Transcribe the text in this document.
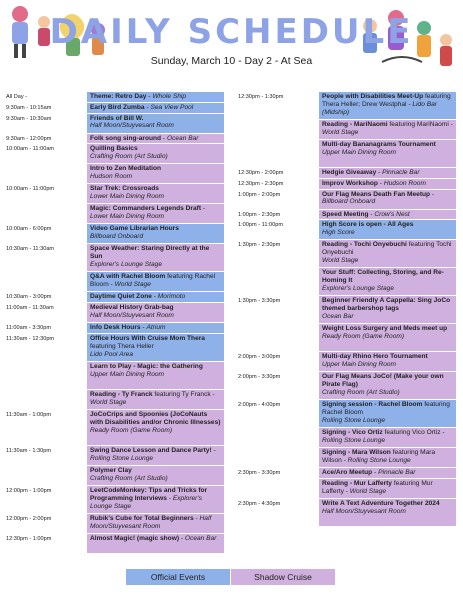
DAILY SCHEDULE
Sunday, March 10 - Day 2 - At Sea
All Day -	Theme: Retro Day - Whole Ship
9:30am - 10:15am	Early Bird Zumba - Sea View Pool
9:30am - 10:30am	Friends of Bill W.
Half Moon/Stuyvesant Room
9:30am - 12:00pm	Folk song sing-around - Ocean Bar
10:00am - 11:00am	Quilling Basics
Crafting Room (Art Studio)
Intro to Zen Meditation
Hudson Room
10:00am - 11:00pm	Star Trek: Crossroads
Lower Main Dining Room
Magic: Commanders Legends Draft - Lower Main Dining Room
10:00am - 6:00pm	Video Game Librarian Hours
Billboard Onboard
10:30am - 11:30am	Space Weather: Staring Directly at the Sun
Explorer's Lounge Stage
Q&A with Rachel Bloom featuring Rachel Bloom - World Stage
10:30am - 3:00pm	Daytime Quiet Zone - Morimoto
11:00am - 11:30am	Medieval History Grab-bag
Half Moon/Stuyvesant Room
11:00am - 3:30pm	Info Desk Hours - Atrium
11:30am - 12:30pm	Office Hours With Cruise Mom Thera featuring Thera Heller
Lido Pool Area
Learn to Play - Magic: the Gathering
Upper Main Dining Room
Reading - Ty Franck featuring Ty Franck - World Stage
11:30am - 1:00pm	JoCoCrips and Spoonies (JoCoNauts with Disabilities and/or Chronic Illnesses)
Ready Room (Game Room)
11:30am - 1:30pm	Swing Dance Lesson and Dance Party! - Rolling Stone Lounge
Polymer Clay
Crafting Room (Art Studio)
12:00pm - 1:00pm	LeetCodeMonkey: Tips and Tricks for Programming Interviews - Explorer's Lounge Stage
12:00pm - 2:00pm	Rubik's Cube for Total Beginners - Half Moon/Stuyvesant Room
12:30pm - 1:00pm	Almost Magic! (magic show) - Ocean Bar
12:30pm - 1:30pm	People with Disabilities Meet-Up featuring Thera Heller; Drew Westphal - Lido Bar (Midship)
Reading - MariNaomi featuring MariNaomi - World Stage
Multi-day Bananagrams Tournament
Upper Main Dining Room
12:30pm - 2:00pm	Hedgie Giveaway - Pinnacle Bar
12:30pm - 2:30pm	Improv Workshop - Hudson Room
1:00pm - 2:00pm	Our Flag Means Death Fan Meetup - Billboard Onboard
1:00pm - 2:30pm	Speed Meeting - Crow's Nest
1:00pm - 11:00pm	High Score is open - All Ages
High Score
1:30pm - 2:30pm	Reading - Tochi Onyebuchi featuring Tochi Onyebuchi
World Stage
Your Stuff: Collecting, Storing, and Re-Homing It
Explorer's Lounge Stage
1:30pm - 3:30pm	Beginner Friendly A Cappella: Sing JoCo themed barbershop tags
Ocean Bar
Weight Loss Surgery and Meds meet up
Ready Room (Game Room)
2:00pm - 3:00pm	Multi-day Rhino Hero Tournament
Upper Main Dining Room
2:00pm - 3:30pm	Our Flag Means JoCo! (Make your own Pirate Flag)
Crafting Room (Art Studio)
2:00pm - 4:00pm	Signing session - Rachel Bloom featuring Rachel Bloom
Rolling Stone Lounge
Signing - Vico Ortiz featuring Vico Ortiz - Rolling Stone Lounge
Signing - Mara Wilson featuring Mara Wilson - Rolling Stone Lounge
2:30pm - 3:30pm	Ace/Aro Meetup - Pinnacle Bar
Reading - Mur Lafferty featuring Mur Lafferty - World Stage
2:30pm - 4:30pm	Write A Text Adventure Together 2024
Half Moon/Stuyvesant Room
Official Events	Shadow Cruise
